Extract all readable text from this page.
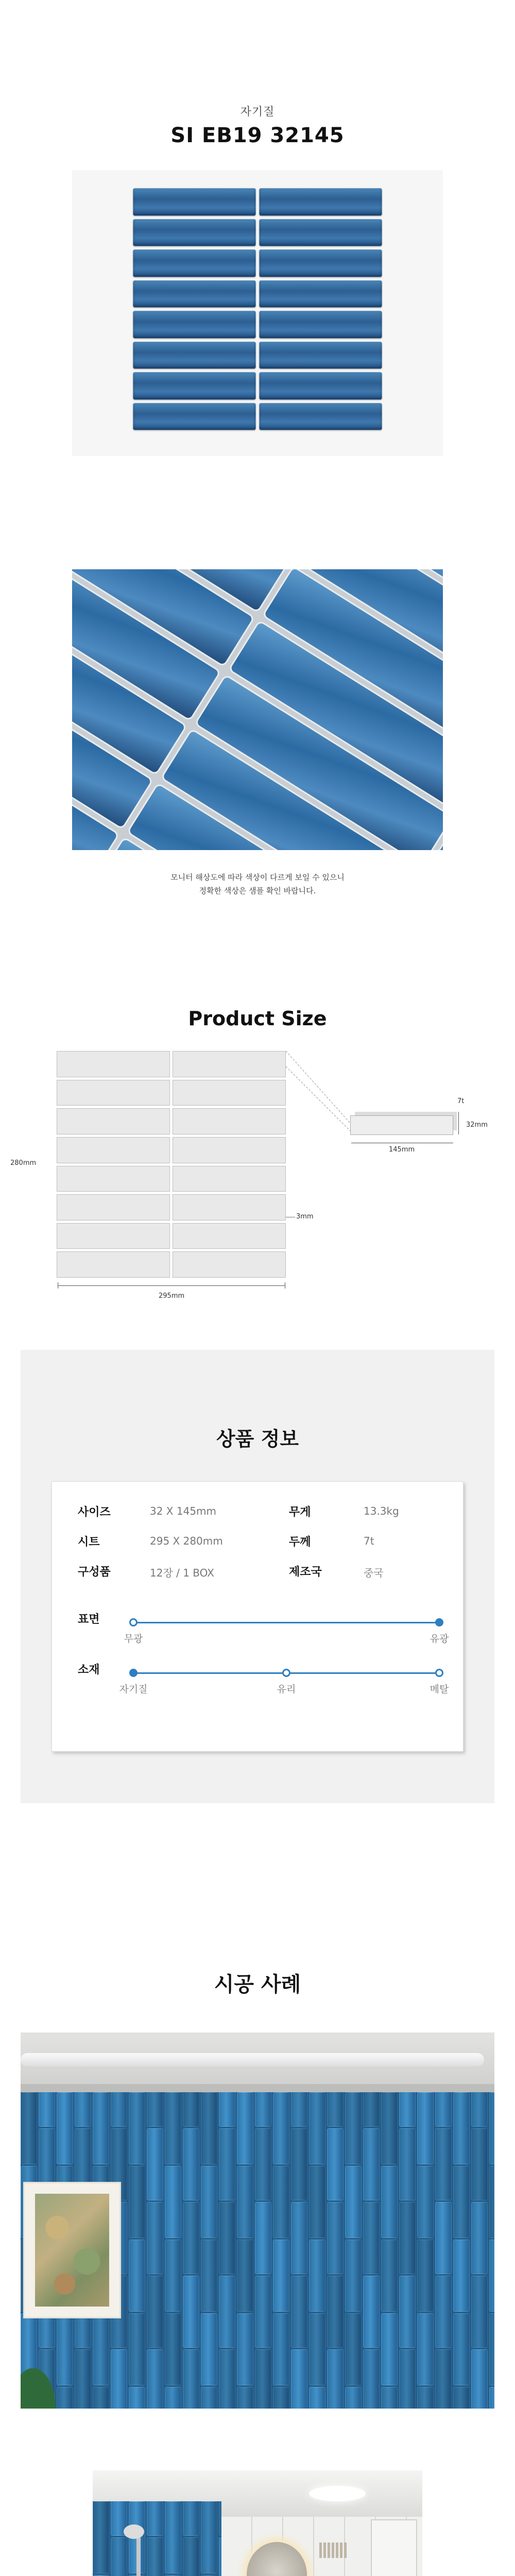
자기질
SI EB19 32145
모니터 해상도에 따라 색상이 다르게 보일 수 있으니
정확한 색상은 샘플 확인 바랍니다.
Product Size
280mm
295mm
3mm
7t
32mm
145mm
상품 정보
사이즈	32 X 145mm	무게	13.3kg
시트	295 X 280mm	두께	7t
구성품	12장 / 1 BOX	제조국	중국
표면
무광	유광
소재
자기질	유리	메탈
시공 사례
